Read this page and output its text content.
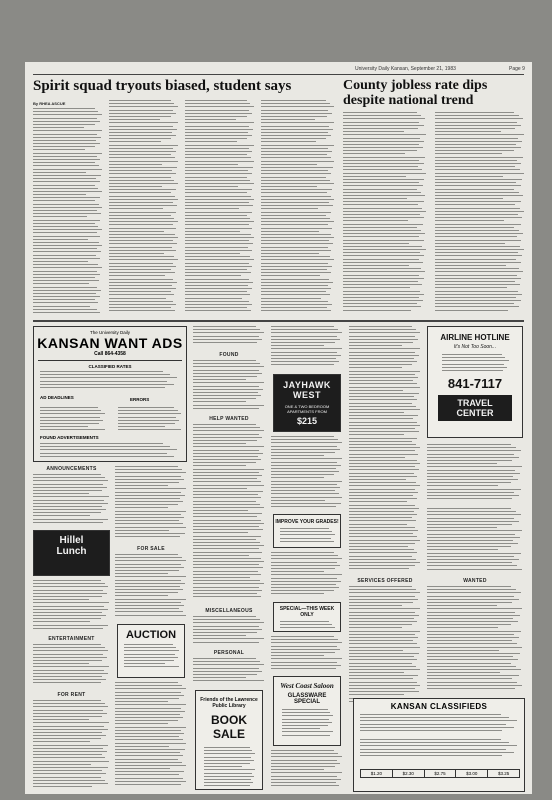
University Daily Kansan, September 21, 1983	Page 9
Spirit squad tryouts biased, student says
By RHEA ASCUE
County jobless rate dips despite national trend
The University Daily
KANSAN WANT ADS
Call 864-4358
CLASSIFIED RATES
AD DEADLINES	ERRORS
FOUND ADVERTISEMENTS
ANNOUNCEMENTS
Hillel
Lunch
ENTERTAINMENT
FOR RENT
FOR SALE
AUCTION
FOUND
HELP WANTED
MISCELLANEOUS
PERSONAL
Friends of the Lawrence Public Library
BOOK SALE
JAYHAWK WEST
ONE & TWO BEDROOM APARTMENTS FROM
$215
IMPROVE YOUR GRADES!
SPECIAL—THIS WEEK ONLY
West Coast Saloon
GLASSWARE SPECIAL
SERVICES OFFERED
AIRLINE HOTLINE
It's Not Too Soon...
841-7117
TRAVEL CENTER
WANTED
KANSAN CLASSIFIEDS
$1.20	$2.30	$2.75	$3.00	$3.25
